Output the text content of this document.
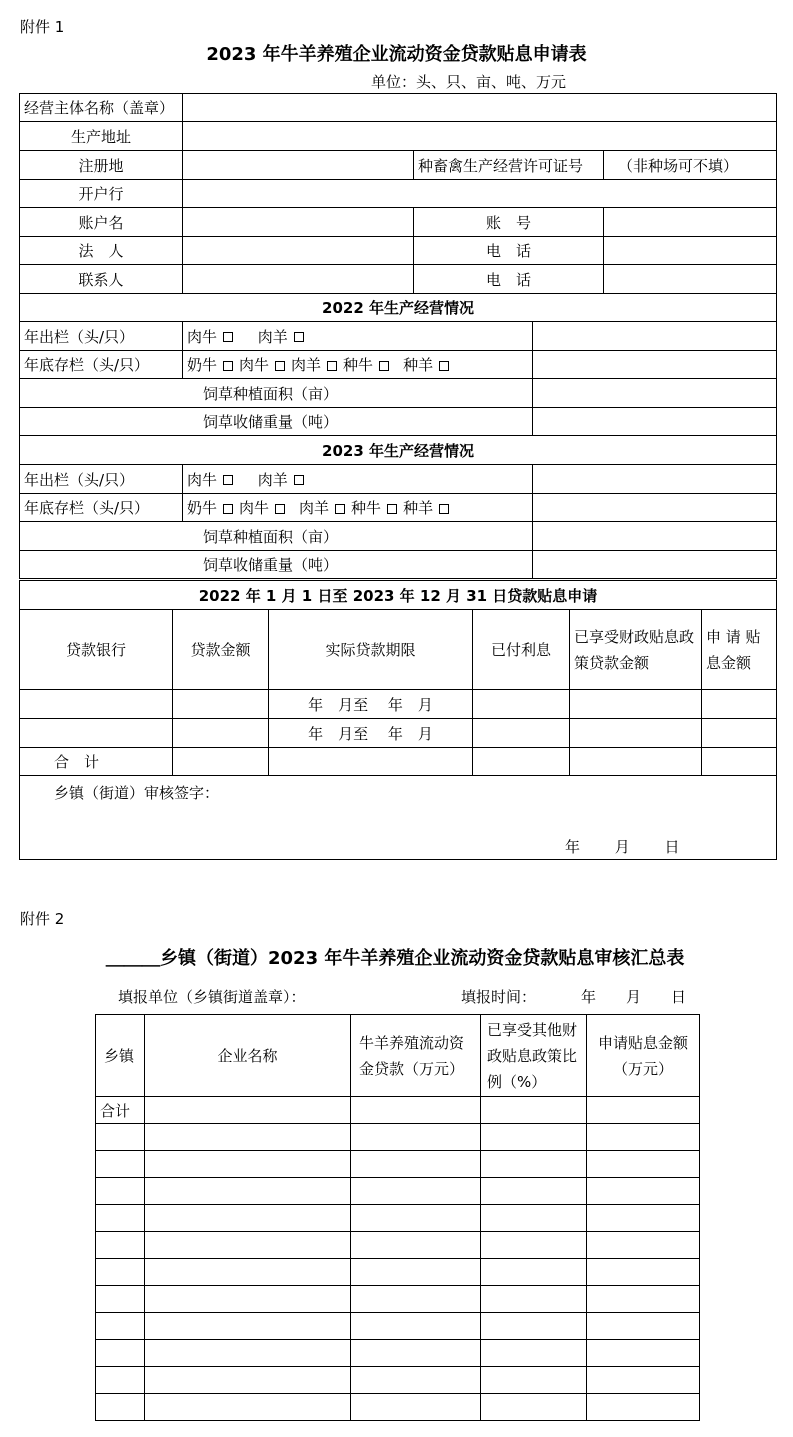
附件 1
2023 年牛羊养殖企业流动资金贷款贴息申请表
单位：头、只、亩、吨、万元
经营主体名称（盖章）			
生产地址			
注册地		种畜禽生产经营许可证号	（非种场可不填）
开户行			
账户名		账　号	
法　人		电　话	
联系人		电　话	
2022 年生产经营情况		
年出栏（头/只）	肉牛 肉羊	
年底存栏（头/只）	奶牛 肉牛 肉羊 种牛 种羊	
饲草种植面积（亩）		
饲草收储重量（吨）		
2023 年生产经营情况		
年出栏（头/只）	肉牛 肉羊	
年底存栏（头/只）	奶牛 肉牛 肉羊 种牛 种羊	
饲草种植面积（亩）		
饲草收储重量（吨）		
2022 年 1 月 1 日至 2023 年 12 月 31 日贷款贴息申请					
贷款银行	贷款金额	实际贷款期限	已付利息	已享受财政贴息政策贷款金额	申 请 贴 息金额
		年　月至　 年　月			
		年　月至　 年　月			
合　计					

乡镇（街道）审核签字：
年　　 月　　 日					
附件 2
＿＿＿乡镇（街道）2023 年牛羊养殖企业流动资金贷款贴息审核汇总表
填报单位（乡镇街道盖章）：	填报时间：	年　　月　　日
乡镇	企业名称	牛羊养殖流动资金贷款（万元）	已享受其他财政贴息政策比例（%）	申请贴息金额（万元）
合计				
